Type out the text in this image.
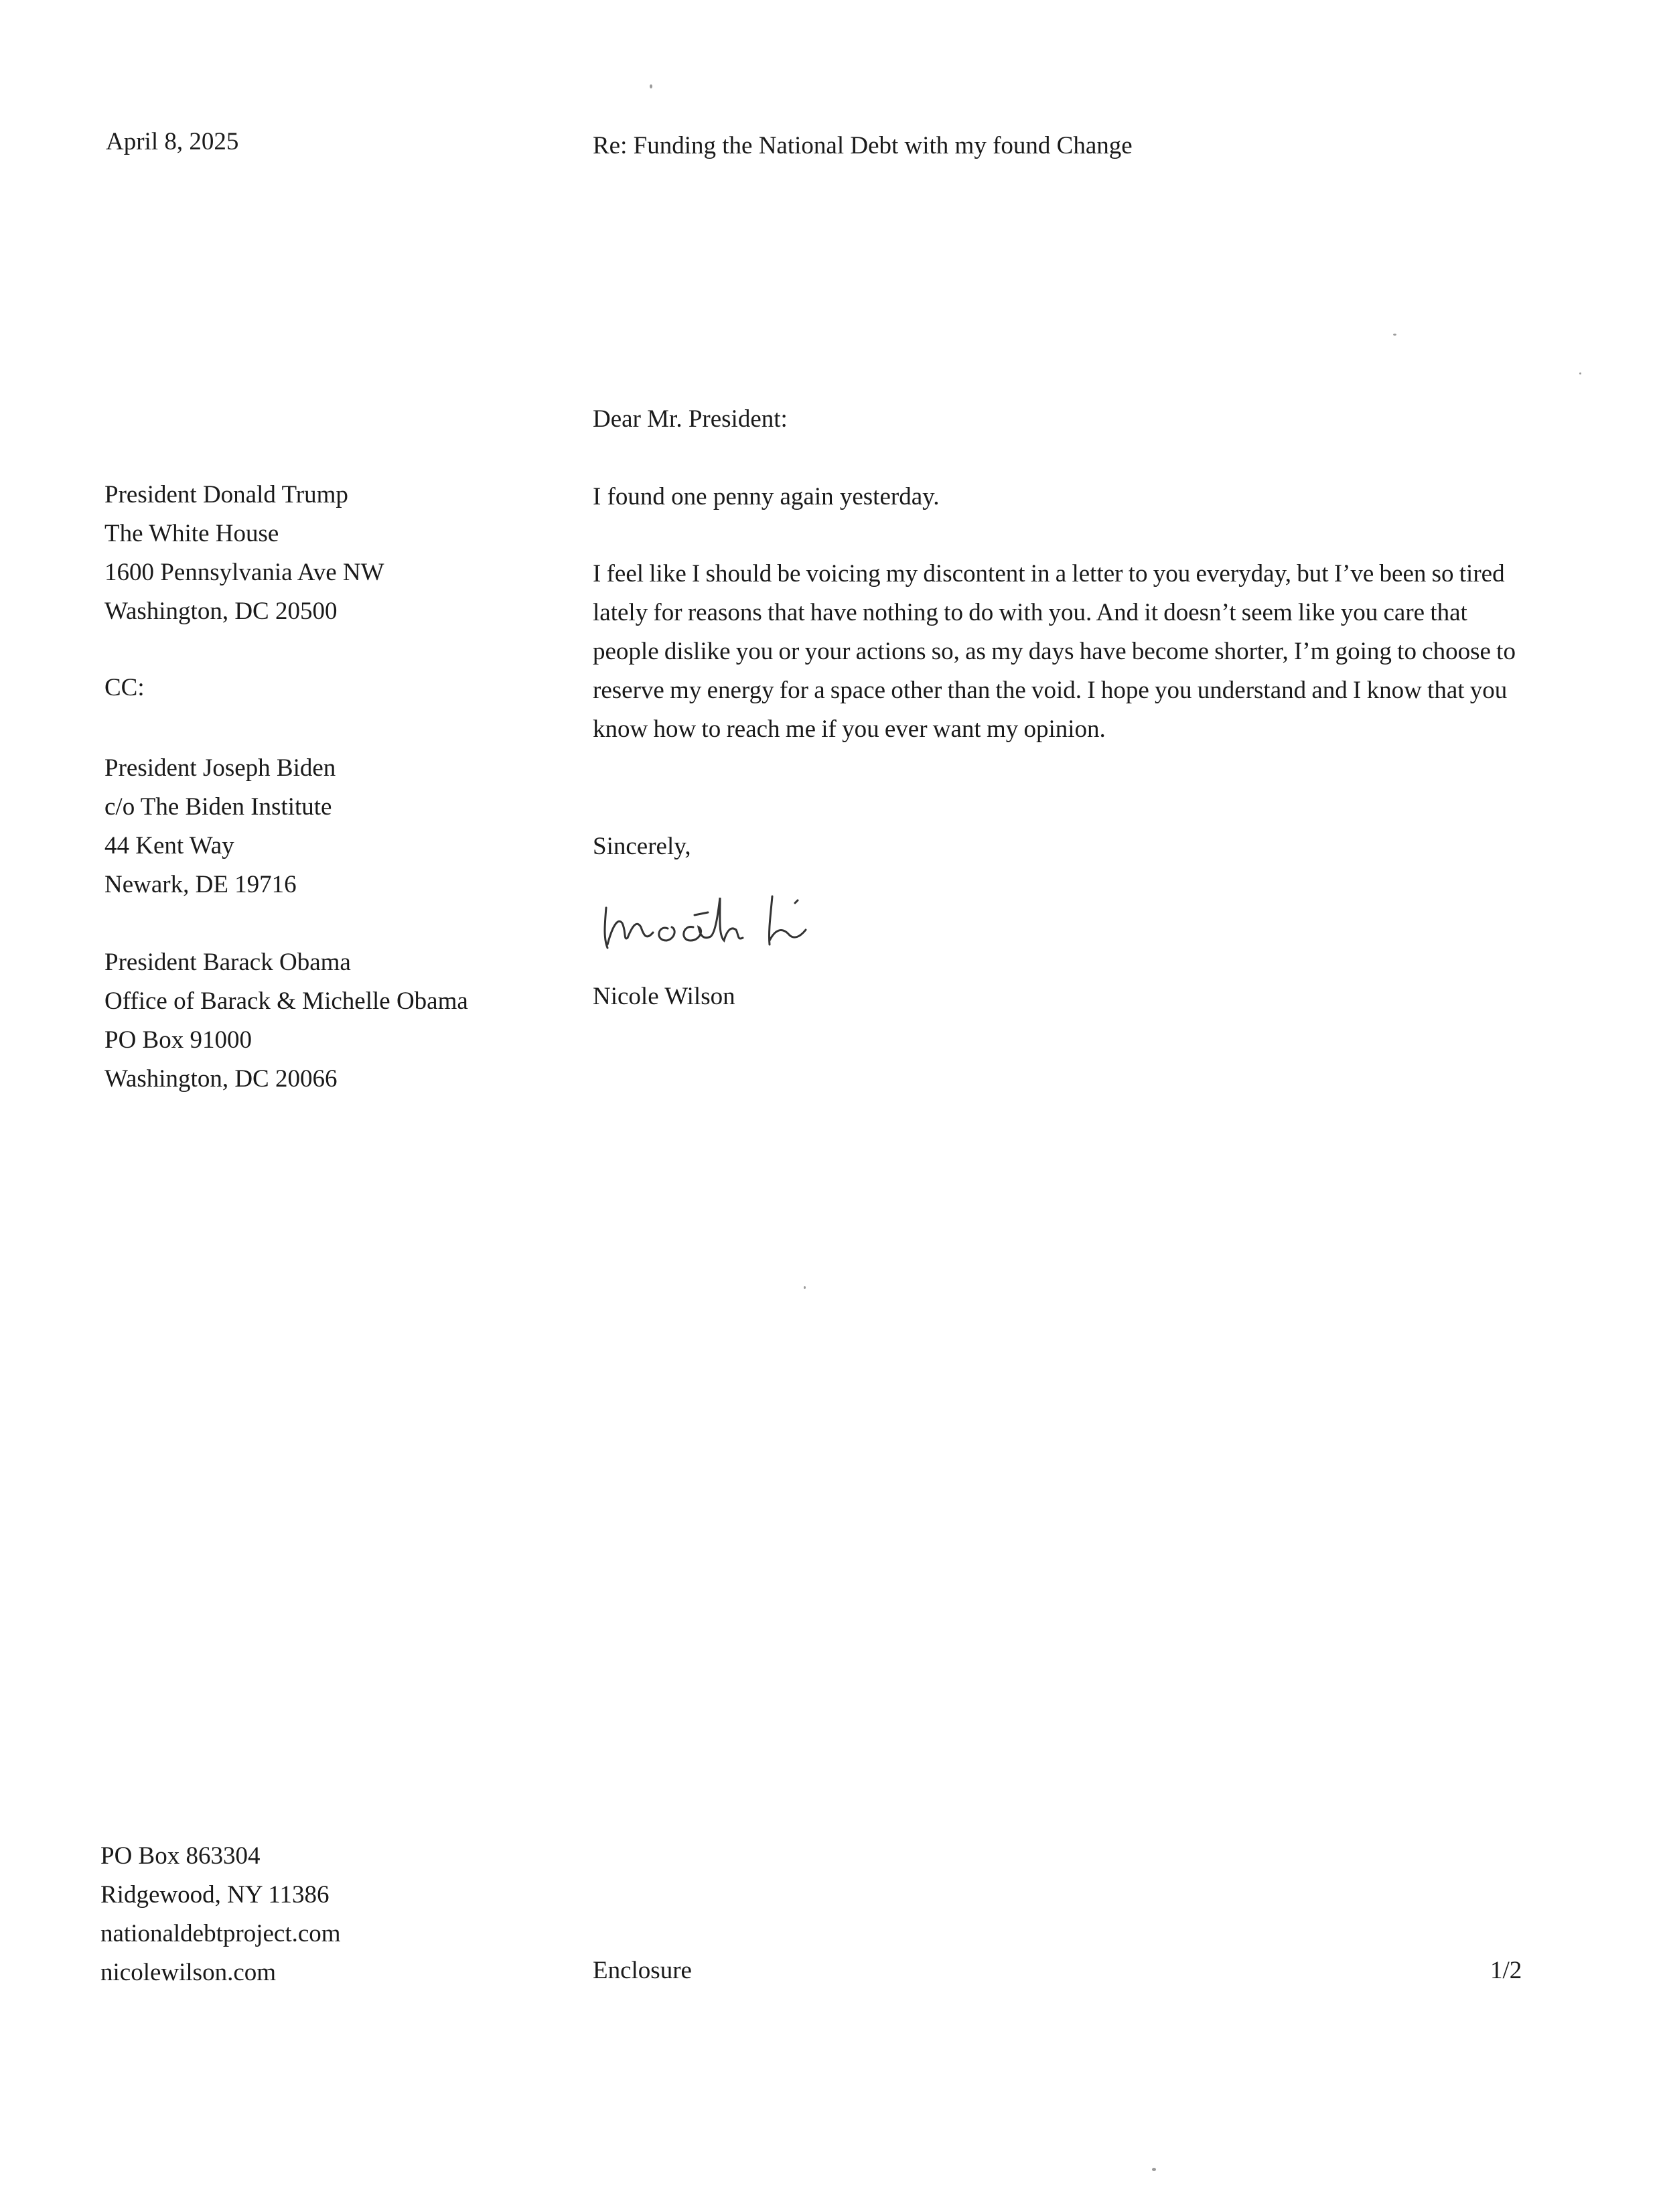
April 8, 2025	Re: Funding the National Debt with my found Change
Dear Mr. President:
President Donald Trump
The White House
1600 Pennsylvania Ave NW
Washington, DC 20500
CC:
President Joseph Biden
c/o The Biden Institute
44 Kent Way
Newark, DE 19716
President Barack Obama
Office of Barack & Michelle Obama
PO Box 91000
Washington, DC 20066
I found one penny again yesterday.
I feel like I should be voicing my discontent in a letter to you everyday, but I’ve been so tired lately for reasons that have nothing to do with you. And it doesn’t seem like you care that people dislike you or your actions so, as my days have become shorter, I’m going to choose to reserve my energy for a space other than the void. I hope you understand and I know that you know how to reach me if you ever want my opinion.
Sincerely,
Nicole Wilson
PO Box 863304
Ridgewood, NY 11386
nationaldebtproject.com
nicolewilson.com	Enclosure	1/2
